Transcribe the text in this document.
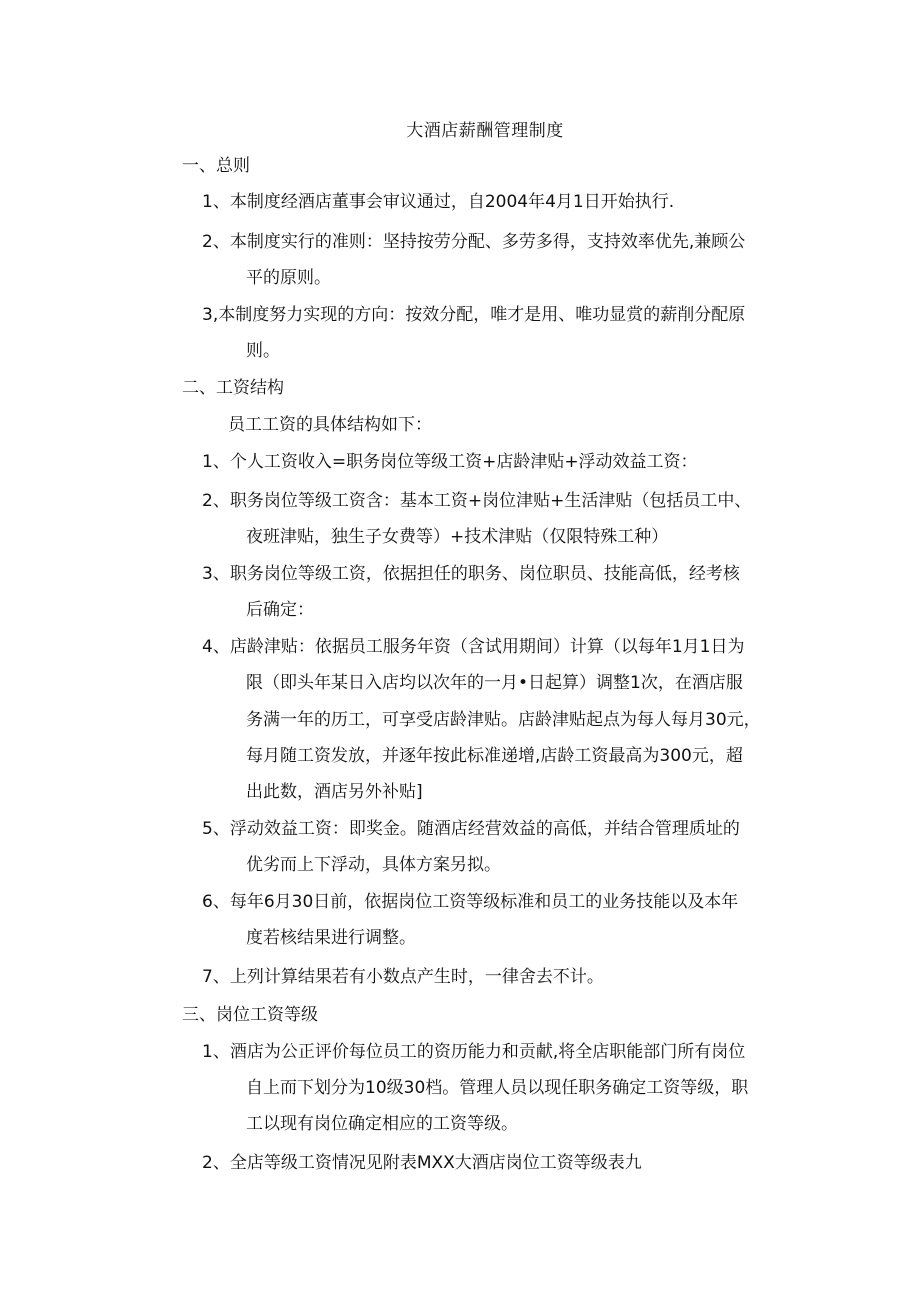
大酒店薪酬管理制度
一、总则
1、本制度经酒店董事会审议通过，自2004年4月1日开始执行.
2、本制度实行的准则：坚持按劳分配、多劳多得，支持效率优先,兼顾公
平的原则。
3,本制度努力实现的方向：按效分配，唯才是用、唯功显赏的薪削分配原
则。
二、工资结构
员工工资的具体结构如下：
1、个人工资收入=职务岗位等级工资+店龄津贴+浮动效益工资：
2、职务岗位等级工资含：基本工资+岗位津贴+生活津贴（包括员工中、
夜班津贴，独生子女费等）+技术津贴（仅限特殊工种）
3、职务岗位等级工资，依据担任的职务、岗位职员、技能高低，经考核
后确定：
4、店龄津贴：依据员工服务年资（含试用期间）计算（以每年1月1日为
限（即头年某日入店均以次年的一月•日起算）调整1次，在酒店服
务满一年的历工，可享受店龄津贴。店龄津贴起点为每人每月30元，
每月随工资发放，并逐年按此标准递增,店龄工资最高为300元，超
出此数，酒店另外补贴]
5、浮动效益工资：即奖金。随酒店经营效益的高低，并结合管理质址的
优劣而上下浮动，具体方案另拟。
6、每年6月30日前，依据岗位工资等级标准和员工的业务技能以及本年
度若核结果进行调整。
7、上列计算结果若有小数点产生时，一律舍去不计。
三、岗位工资等级
1、酒店为公正评价每位员工的资历能力和贡献,将全店职能部门所有岗位
自上而下划分为10级30档。管理人员以现任职务确定工资等级，职
工以现有岗位确定相应的工资等级。
2、全店等级工资情况见附表MXX大酒店岗位工资等级表九
